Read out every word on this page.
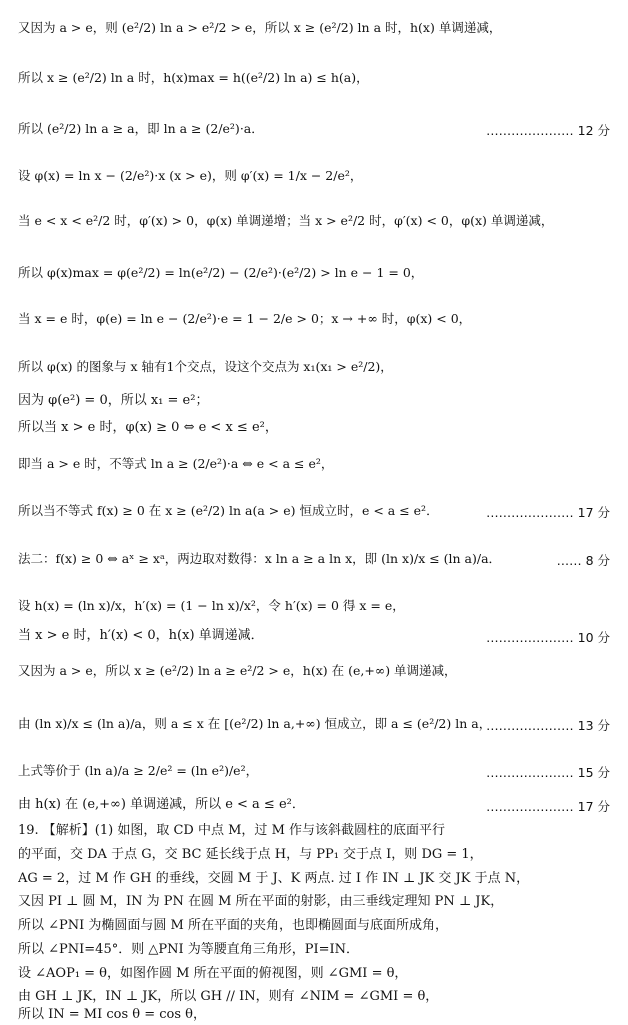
又因为 a > e，则 (e²/2) ln a > e²/2 > e，所以 x ≥ (e²/2) ln a 时，h(x) 单调递减，
所以 x ≥ (e²/2) ln a 时，h(x)max = h((e²/2) ln a) ≤ h(a)，
所以 (e²/2) ln a ≥ a，即 ln a ≥ (2/e²)·a．	………………… 12 分
设 φ(x) = ln x − (2/e²)·x (x > e)，则 φ′(x) = 1/x − 2/e²，
当 e < x < e²/2 时，φ′(x) > 0，φ(x) 单调递增；当 x > e²/2 时，φ′(x) < 0，φ(x) 单调递减，
所以 φ(x)max = φ(e²/2) = ln(e²/2) − (2/e²)·(e²/2) > ln e − 1 = 0，
当 x = e 时，φ(e) = ln e − (2/e²)·e = 1 − 2/e > 0；x → +∞ 时，φ(x) < 0，
所以 φ(x) 的图象与 x 轴有1个交点，设这个交点为 x₁(x₁ > e²/2)，
因为 φ(e²) = 0，所以 x₁ = e²；
所以当 x > e 时，φ(x) ≥ 0 ⇔ e < x ≤ e²，
即当 a > e 时，不等式 ln a ≥ (2/e²)·a ⇔ e < a ≤ e²，
所以当不等式 f(x) ≥ 0 在 x ≥ (e²/2) ln a(a > e) 恒成立时，e < a ≤ e²．	………………… 17 分
法二：f(x) ≥ 0 ⇔ aˣ ≥ xᵃ，两边取对数得：x ln a ≥ a ln x，即 (ln x)/x ≤ (ln a)/a．	…… 8 分
设 h(x) = (ln x)/x，h′(x) = (1 − ln x)/x²，令 h′(x) = 0 得 x = e，
当 x > e 时，h′(x) < 0，h(x) 单调递减．	………………… 10 分
又因为 a > e，所以 x ≥ (e²/2) ln a ≥ e²/2 > e，h(x) 在 (e,+∞) 单调递减，
由 (ln x)/x ≤ (ln a)/a，则 a ≤ x 在 [(e²/2) ln a,+∞) 恒成立，即 a ≤ (e²/2) ln a，
………………… 13 分
上式等价于 (ln a)/a ≥ 2/e² = (ln e²)/e²，	………………… 15 分
由 h(x) 在 (e,+∞) 单调递减，所以 e < a ≤ e²．	………………… 17 分
19. 【解析】(1) 如图，取 CD 中点 M，过 M 作与该斜截圆柱的底面平行
的平面，交 DA 于点 G，交 BC 延长线于点 H，与 PP₁ 交于点 I，则 DG = 1，
AG = 2，过 M 作 GH 的垂线，交圆 M 于 J、K 两点. 过 I 作 IN ⊥ JK 交 JK 于点 N，
又因 PI ⊥ 圆 M，IN 为 PN 在圆 M 所在平面的射影，由三垂线定理知 PN ⊥ JK，
所以 ∠PNI 为椭圆面与圆 M 所在平面的夹角，也即椭圆面与底面所成角，
所以 ∠PNI=45°．则 △PNI 为等腰直角三角形，PI=IN．
设 ∠AOP₁ = θ，如图作圆 M 所在平面的俯视图，则 ∠GMI = θ，
由 GH ⊥ JK，IN ⊥ JK，所以 GH // IN，则有 ∠NIM = ∠GMI = θ，
所以 IN = MI cos θ = cos θ，
